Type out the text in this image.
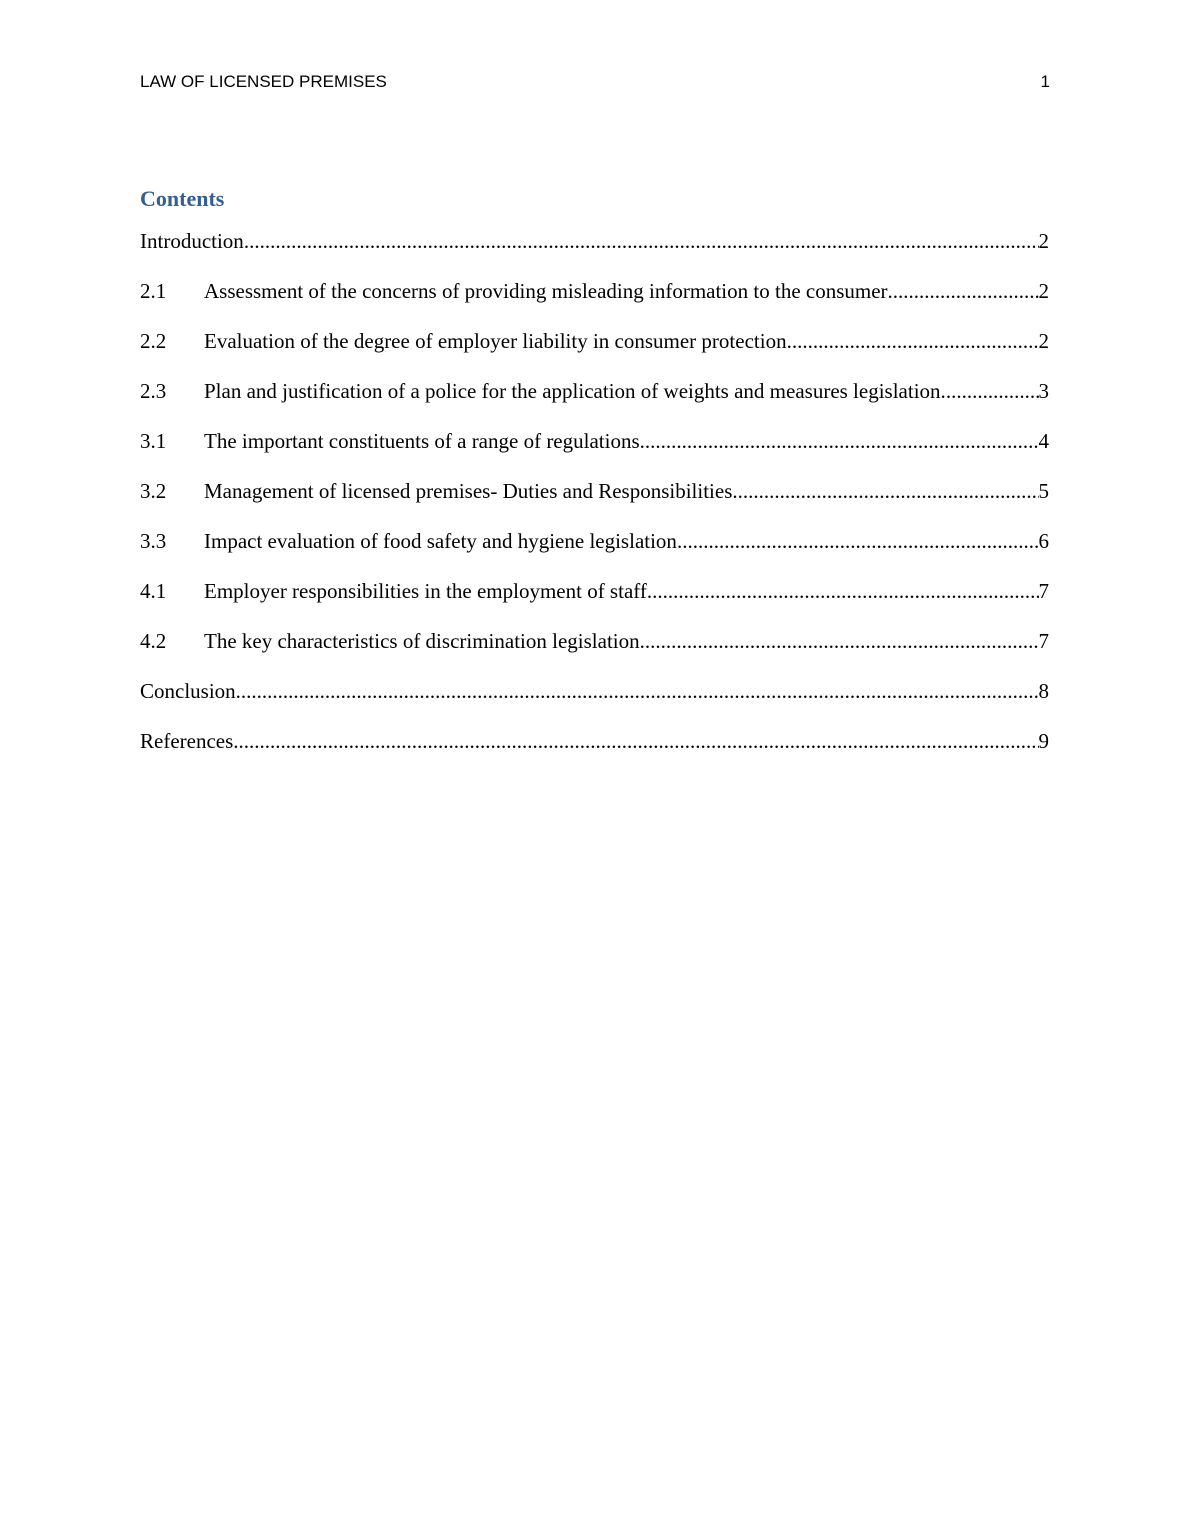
LAW OF LICENSED PREMISES	1
Contents
Introduction .....	2
2.1	Assessment of the concerns of providing misleading information to the consumer .....	2
2.2	Evaluation of the degree of employer liability in consumer protection .....	2
2.3	Plan and justification of a police for the application of weights and measures legislation. .....	3
3.1	The important constituents of a range of regulations .....	4
3.2	Management of licensed premises- Duties and Responsibilities .....	5
3.3	Impact evaluation of food safety and hygiene legislation .....	6
4.1	Employer responsibilities in the employment of staff .....	7
4.2	The key characteristics of discrimination legislation .....	7
Conclusion .....	8
References .....	9
